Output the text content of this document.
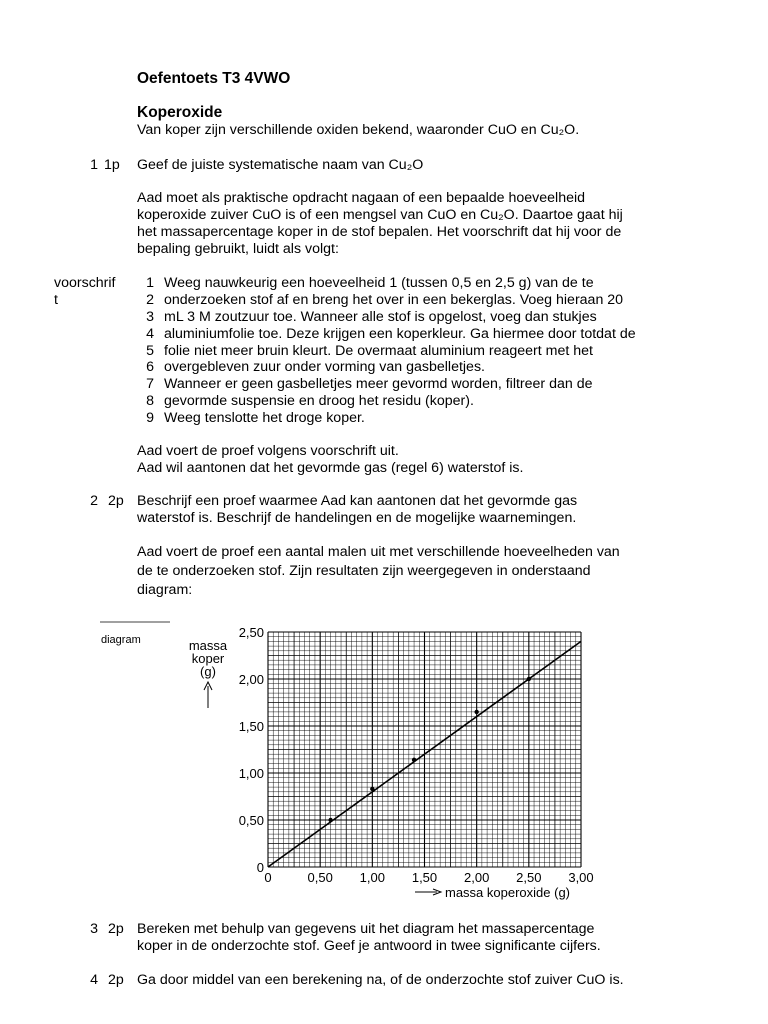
Oefentoets T3 4VWO
Koperoxide
Van koper zijn verschillende oxiden bekend, waaronder CuO en Cu₂O.
1 1p Geef de juiste systematische naam van Cu₂O
Aad moet als praktische opdracht nagaan of een bepaalde hoeveelheid
koperoxide zuiver CuO is of een mengsel van CuO en Cu₂O. Daartoe gaat hij
het massapercentage koper in de stof bepalen. Het voorschrift dat hij voor de
bepaling gebruikt, luidt als volgt:
voorschrif
t
1 Weeg nauwkeurig een hoeveelheid 1 (tussen 0,5 en 2,5 g) van de te
2 onderzoeken stof af en breng het over in een bekerglas. Voeg hieraan 20
3 mL 3 M zoutzuur toe. Wanneer alle stof is opgelost, voeg dan stukjes
4 aluminiumfolie toe. Deze krijgen een koperkleur. Ga hiermee door totdat de
5 folie niet meer bruin kleurt. De overmaat aluminium reageert met het
6 overgebleven zuur onder vorming van gasbelletjes.
7 Wanneer er geen gasbelletjes meer gevormd worden, filtreer dan de
8 gevormde suspensie en droog het residu (koper).
9 Weeg tenslotte het droge koper.
Aad voert de proef volgens voorschrift uit.
Aad wil aantonen dat het gevormde gas (regel 6) waterstof is.
2 2p Beschrijf een proef waarmee Aad kan aantonen dat het gevormde gas
waterstof is. Beschrijf de handelingen en de mogelijke waarnemingen.
Aad voert de proef een aantal malen uit met verschillende hoeveelheden van
de te onderzoeken stof. Zijn resultaten zijn weergegeven in onderstaand
diagram:
diagram	massa
koper
(g)
0	0,50 1,00 1,50 2,00 2,50 3,00
0
0,50
1,00
1,50
2,00
2,50
massa koperoxide (g)
3 2p Bereken met behulp van gegevens uit het diagram het massapercentage
koper in de onderzochte stof. Geef je antwoord in twee significante cijfers.
4 2p Ga door middel van een berekening na, of de onderzochte stof zuiver CuO is.
